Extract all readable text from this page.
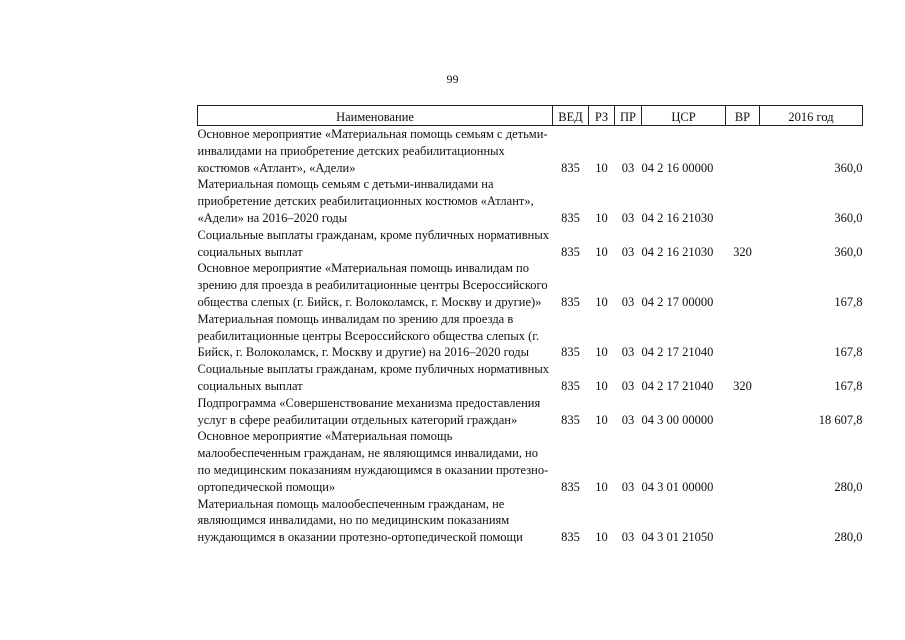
99
Наименование	ВЕД	РЗ	ПР	ЦСР	ВР	2016 год
Основное мероприятие «Материальная помощь семьям с детьми-инвалидами на приобретение детских реабилитационных костюмов «Атлант», «Адели»	835	10	03	04 2 16 00000		360,0
Материальная помощь семьям с детьми-инвалидами на приобретение детских реабилитационных костюмов «Атлант», «Адели» на 2016–2020 годы	835	10	03	04 2 16 21030		360,0
Социальные выплаты гражданам, кроме публичных нормативных социальных выплат	835	10	03	04 2 16 21030	320	360,0
Основное мероприятие «Материальная помощь инвалидам по зрению для проезда в реабилитационные центры Всероссийского общества слепых (г. Бийск, г. Волоколамск, г. Москву и другие)»	835	10	03	04 2 17 00000		167,8
Материальная помощь инвалидам по зрению для проезда в реабилитационные центры Всероссийского общества слепых (г. Бийск, г. Волоколамск, г. Москву и другие) на 2016–2020 годы	835	10	03	04 2 17 21040		167,8
Социальные выплаты гражданам, кроме публичных нормативных социальных выплат	835	10	03	04 2 17 21040	320	167,8
Подпрограмма «Совершенствование механизма предоставления услуг в сфере реабилитации отдельных категорий граждан»	835	10	03	04 3 00 00000		18 607,8
Основное мероприятие «Материальная помощь малообеспеченным гражданам, не являющимся инвалидами, но по медицинским показаниям нуждающимся в оказании протезно-ортопедической помощи»	835	10	03	04 3 01 00000		280,0
Материальная помощь малообеспеченным гражданам, не являющимся инвалидами, но по медицинским показаниям нуждающимся в оказании протезно-ортопедической помощи	835	10	03	04 3 01 21050		280,0
